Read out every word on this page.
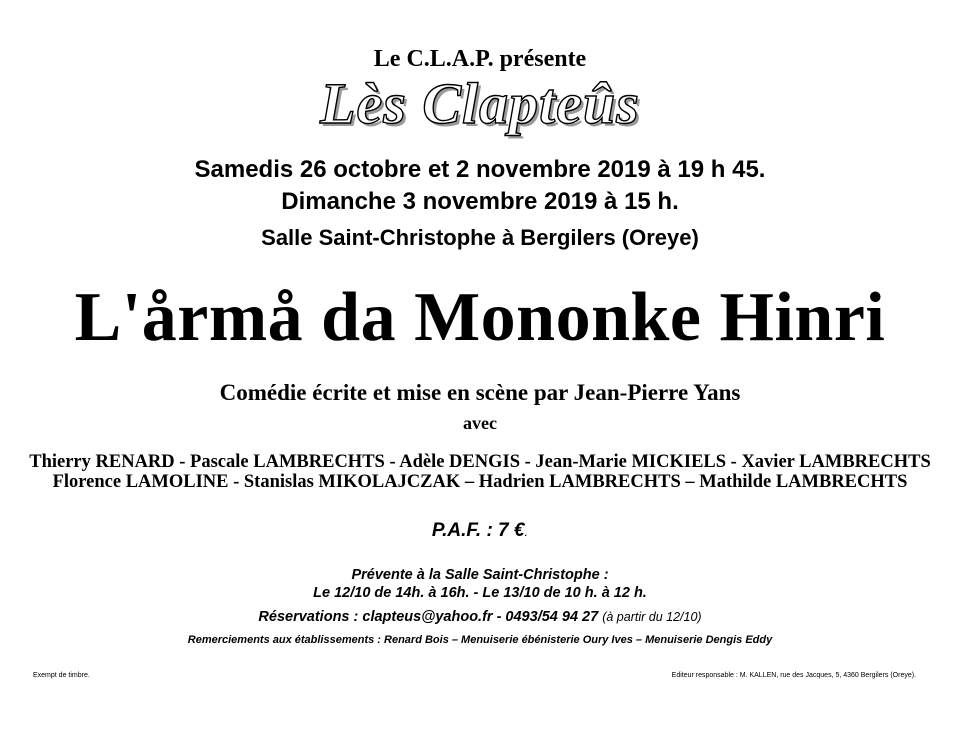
Le C.L.A.P. présente
Lès Clapteûs
Samedis 26 octobre et 2 novembre 2019 à 19 h 45.
Dimanche 3 novembre 2019 à 15 h.
Salle Saint-Christophe à Bergilers (Oreye)
L'årmå da Mononke Hinri
Comédie écrite et mise en scène par Jean-Pierre Yans
avec
Thierry RENARD - Pascale LAMBRECHTS - Adèle DENGIS - Jean-Marie MICKIELS - Xavier LAMBRECHTS
Florence LAMOLINE - Stanislas MIKOLAJCZAK – Hadrien LAMBRECHTS – Mathilde LAMBRECHTS
P.A.F. : 7 €.
Prévente à la Salle Saint-Christophe :
Le 12/10 de 14h. à 16h. - Le 13/10 de 10 h. à 12 h.
Réservations : clapteus@yahoo.fr - 0493/54 94 27 (à partir du 12/10)
Remerciements aux établissements : Renard Bois – Menuiserie ébénisterie Oury Ives – Menuiserie Dengis Eddy
Exempt de timbre.	Editeur responsable : M. KALLEN, rue des Jacques, 5, 4360 Bergilers (Oreye).
